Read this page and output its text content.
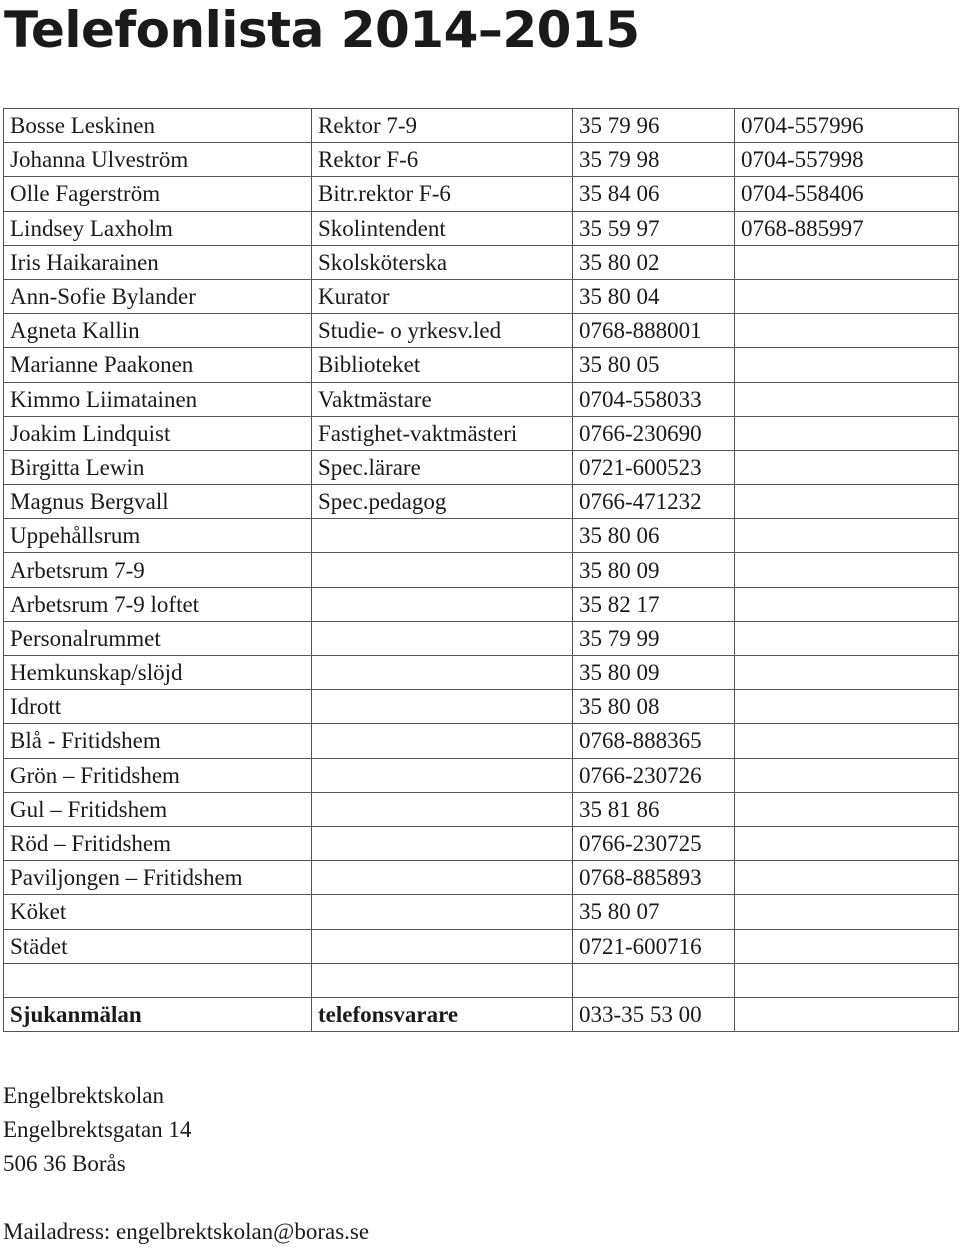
Telefonlista 2014–2015
Bosse Leskinen	Rektor 7-9	35 79 96	0704-557996
Johanna Ulveström	Rektor F-6	35 79 98	0704-557998
Olle Fagerström	Bitr.rektor F-6	35 84 06	0704-558406
Lindsey Laxholm	Skolintendent	35 59 97	0768-885997
Iris Haikarainen	Skolsköterska	35 80 02	
Ann-Sofie Bylander	Kurator	35 80 04	
Agneta Kallin	Studie- o yrkesv.led	0768-888001	
Marianne Paakonen	Biblioteket	35 80 05	
Kimmo Liimatainen	Vaktmästare	0704-558033	
Joakim Lindquist	Fastighet-vaktmästeri	0766-230690	
Birgitta Lewin	Spec.lärare	0721-600523	
Magnus Bergvall	Spec.pedagog	0766-471232	
Uppehållsrum		35 80 06	
Arbetsrum 7-9		35 80 09	
Arbetsrum 7-9 loftet		35 82 17	
Personalrummet		35 79 99	
Hemkunskap/slöjd		35 80 09	
Idrott		35 80 08	
Blå - Fritidshem		0768-888365	
Grön – Fritidshem		0766-230726	
Gul – Fritidshem		35 81 86	
Röd – Fritidshem		0766-230725	
Paviljongen – Fritidshem		0768-885893	
Köket		35 80 07	
Städet		0721-600716	

Sjukanmälan	telefonsvarare	033-35 53 00	
Engelbrektskolan
Engelbrektsgatan 14
506 36 Borås
Mailadress: engelbrektskolan@boras.se
